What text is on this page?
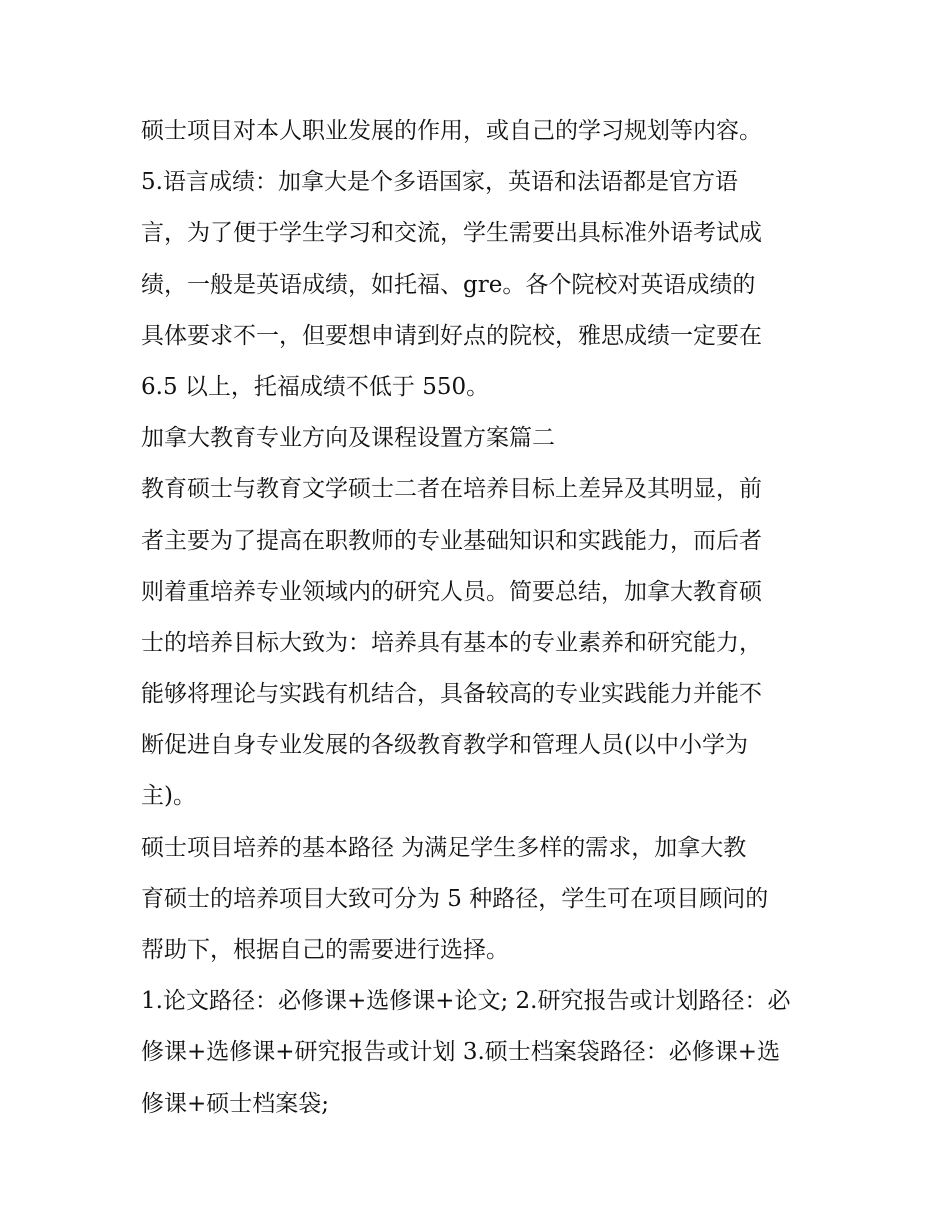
硕士项目对本人职业发展的作用，或自己的学习规划等内容。
5.语言成绩：加拿大是个多语国家，英语和法语都是官方语
言，为了便于学生学习和交流，学生需要出具标准外语考试成
绩，一般是英语成绩，如托福、gre。各个院校对英语成绩的
具体要求不一，但要想申请到好点的院校，雅思成绩一定要在
6.5 以上，托福成绩不低于 550。
加拿大教育专业方向及课程设置方案篇二
教育硕士与教育文学硕士二者在培养目标上差异及其明显，前
者主要为了提高在职教师的专业基础知识和实践能力，而后者
则着重培养专业领域内的研究人员。简要总结，加拿大教育硕
士的培养目标大致为：培养具有基本的专业素养和研究能力，
能够将理论与实践有机结合，具备较高的专业实践能力并能不
断促进自身专业发展的各级教育教学和管理人员(以中小学为
主)。
硕士项目培养的基本路径 为满足学生多样的需求，加拿大教
育硕士的培养项目大致可分为 5 种路径，学生可在项目顾问的
帮助下，根据自己的需要进行选择。
1.论文路径：必修课+选修课+论文; 2.研究报告或计划路径：必
修课+选修课+研究报告或计划 3.硕士档案袋路径：必修课+选
修课+硕士档案袋;
